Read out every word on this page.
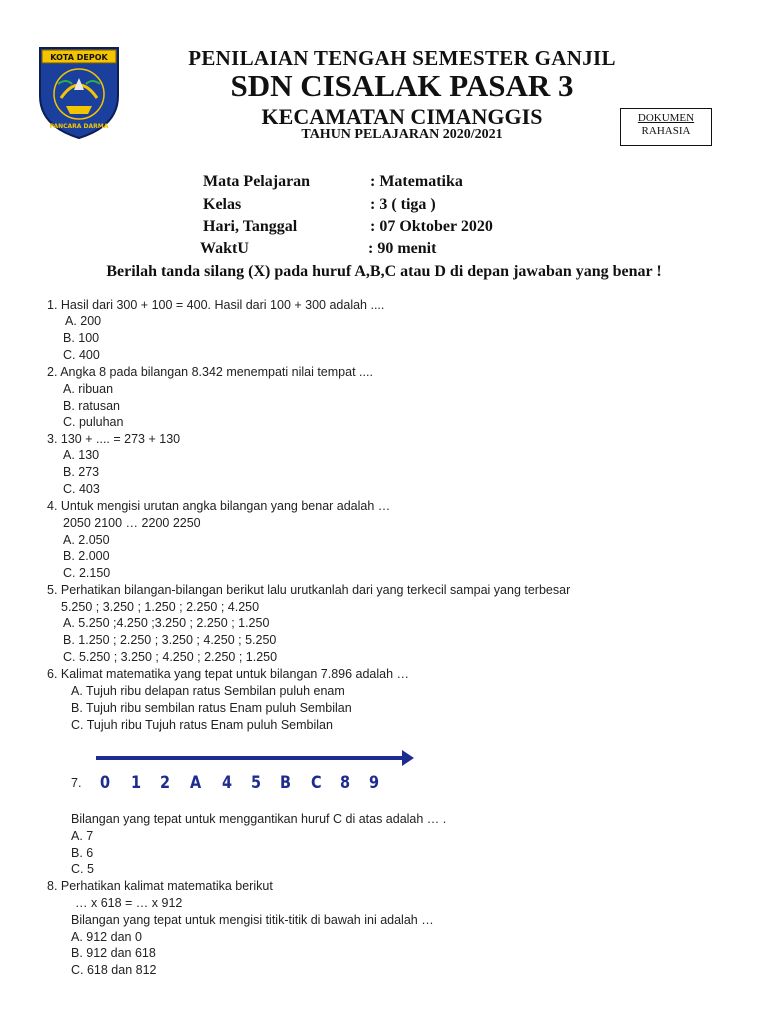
KOTA DEPOK
PANCARA DARMA
PENILAIAN TENGAH SEMESTER GANJIL
SDN CISALAK PASAR 3
KECAMATAN CIMANGGIS
TAHUN PELAJARAN 2020/2021
DOKUMEN
RAHASIA
Mata Pelajaran	: Matematika
Kelas	: 3 ( tiga )
Hari, Tanggal	: 07 Oktober 2020
WaktU	: 90 menit
Berilah tanda silang (X) pada huruf A,B,C atau D di depan jawaban yang benar !
1. Hasil dari 300 + 100 = 400. Hasil dari 100 + 300 adalah ....
A. 200
B. 100
C. 400
2. Angka 8 pada bilangan 8.342 menempati nilai tempat ....
A. ribuan
B. ratusan
C. puluhan
3. 130 + .... = 273 + 130
A. 130
B. 273
C. 403
4. Untuk mengisi urutan angka bilangan yang benar adalah …
2050 2100 … 2200 2250
A. 2.050
B. 2.000
C. 2.150
5. Perhatikan bilangan-bilangan berikut lalu urutkanlah dari yang terkecil sampai yang terbesar
5.250 ; 3.250 ; 1.250 ; 2.250 ; 4.250
A. 5.250 ;4.250 ;3.250 ; 2.250 ; 1.250
B. 1.250 ; 2.250 ; 3.250 ; 4.250 ; 5.250
C. 5.250 ; 3.250 ; 4.250 ; 2.250 ; 1.250
6. Kalimat matematika yang tepat untuk bilangan 7.896 adalah …
A. Tujuh ribu delapan ratus Sembilan puluh enam
B. Tujuh ribu sembilan ratus Enam puluh Sembilan
C. Tujuh ribu Tujuh ratus Enam puluh Sembilan
7. 0 1 2 A 4 5 B C 8 9
Bilangan yang tepat untuk menggantikan huruf C di atas adalah … .
A. 7
B. 6
C. 5
8. Perhatikan kalimat matematika berikut
… x 618 = … x 912
Bilangan yang tepat untuk mengisi titik-titik di bawah ini adalah …
A. 912 dan 0
B. 912 dan 618
C. 618 dan 812
